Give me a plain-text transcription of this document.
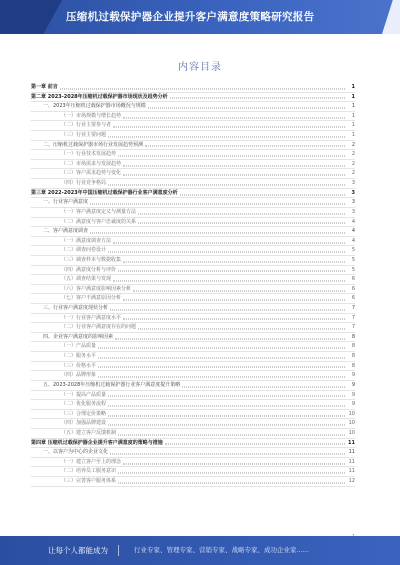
压缩机过载保护器企业提升客户满意度策略研究报告
内容目录
第一章 前言	1
第二章 2023-2028年压缩机过载保护器市场现状及趋势分析	1
一、2023年压缩机过载保护器市场概况与规模	1
（一）市场规模与增长趋势	1
（二）行业主要参与者	1
（三）行业主要问题	1
二、压缩机过载保护器市场行业发展趋势预测	2
（一）行业技术发展趋势	2
（二）市场需求与发展趋势	2
（三）客户需求趋势与变化	2
（四）行业竞争格局	3
第三章 2022-2023年中国压缩机过载保护器行业客户满意度分析	3
一、行业客户满意度	3
（一）客户满意度定义与测量方法	3
（二）满意度与客户忠诚度的关系	4
二、客户满意度调查	4
（一）满意度调查方法	4
（二）调查问卷设计	5
（三）调查样本与数据收集	5
（四）满意度分析与评价	5
（五）调查结果与发现	6
（六）客户满意度影响因素分析	6
（七）客户不满意原因分析	6
三、行业客户满意度现状分析	7
（一）行业客户满意度水平	7
（二）行业客户满意度存在的问题	7
四、企业客户满意度的影响因素	8
（一）产品质量	8
（二）服务水平	8
（三）价格水平	8
（四）品牌形象	9
五、2023-2028年压缩机过载保护器行业客户满意度提升策略	9
（一）提高产品质量	9
（二）优化服务流程	9
（三）合理定价策略	10
（四）加强品牌建设	10
（五）建立客户反馈机制	10
第四章 压缩机过载保护器企业提升客户满意度的策略与措施	11
一、以客户为中心的企业文化	11
（一）建立客户至上的理念	11
（二）培养员工服务意识	11
（三）完善客户服务体系	12
让每个人都能成为	行业专家、管理专家、营销专家、战略专家、成功企业家......
